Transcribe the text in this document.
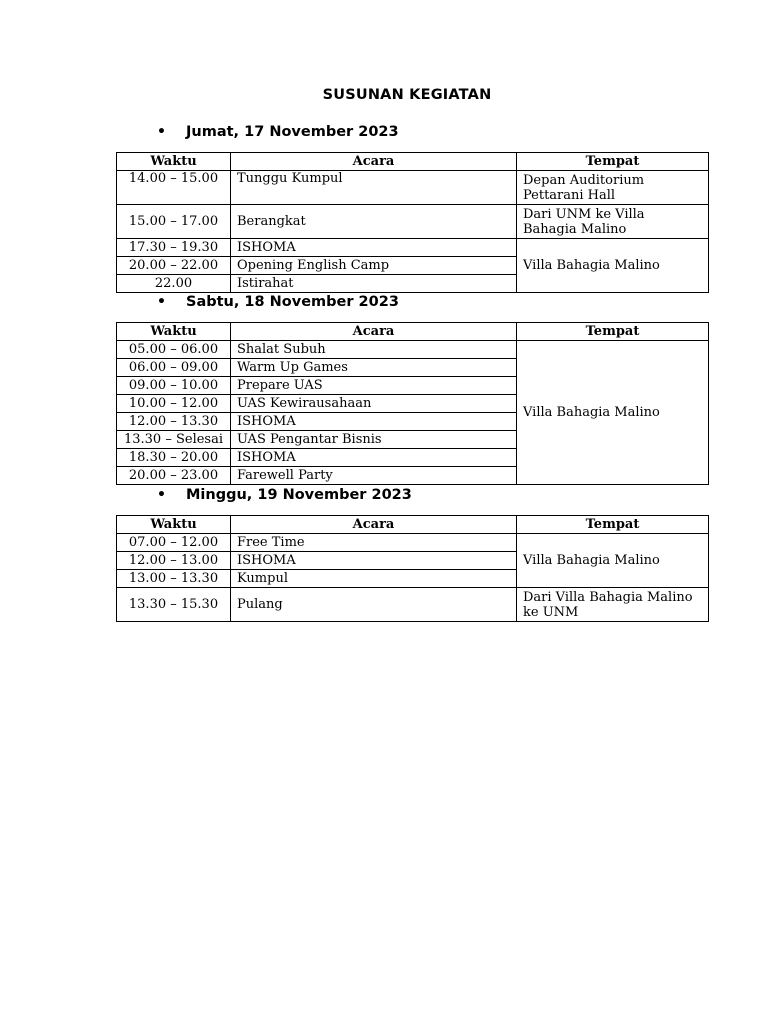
SUSUNAN KEGIATAN
• Jumat, 17 November 2023
Waktu	Acara	Tempat
14.00 – 15.00	Tunggu Kumpul	Depan Auditorium Pettarani Hall
15.00 – 17.00	Berangkat	Dari UNM ke Villa Bahagia Malino
17.30 – 19.30	ISHOMA	Villa Bahagia Malino
20.00 – 22.00	Opening English Camp	
22.00	Istirahat	
• Sabtu, 18 November 2023
Waktu	Acara	Tempat
05.00 – 06.00	Shalat Subuh	Villa Bahagia Malino
06.00 – 09.00	Warm Up Games	
09.00 – 10.00	Prepare UAS	
10.00 – 12.00	UAS Kewirausahaan	
12.00 – 13.30	ISHOMA	
13.30 – Selesai	UAS Pengantar Bisnis	
18.30 – 20.00	ISHOMA	
20.00 – 23.00	Farewell Party	
• Minggu, 19 November 2023
Waktu	Acara	Tempat
07.00 – 12.00	Free Time	Villa Bahagia Malino
12.00 – 13.00	ISHOMA	
13.00 – 13.30	Kumpul	
13.30 – 15.30	Pulang	Dari Villa Bahagia Malino ke UNM
